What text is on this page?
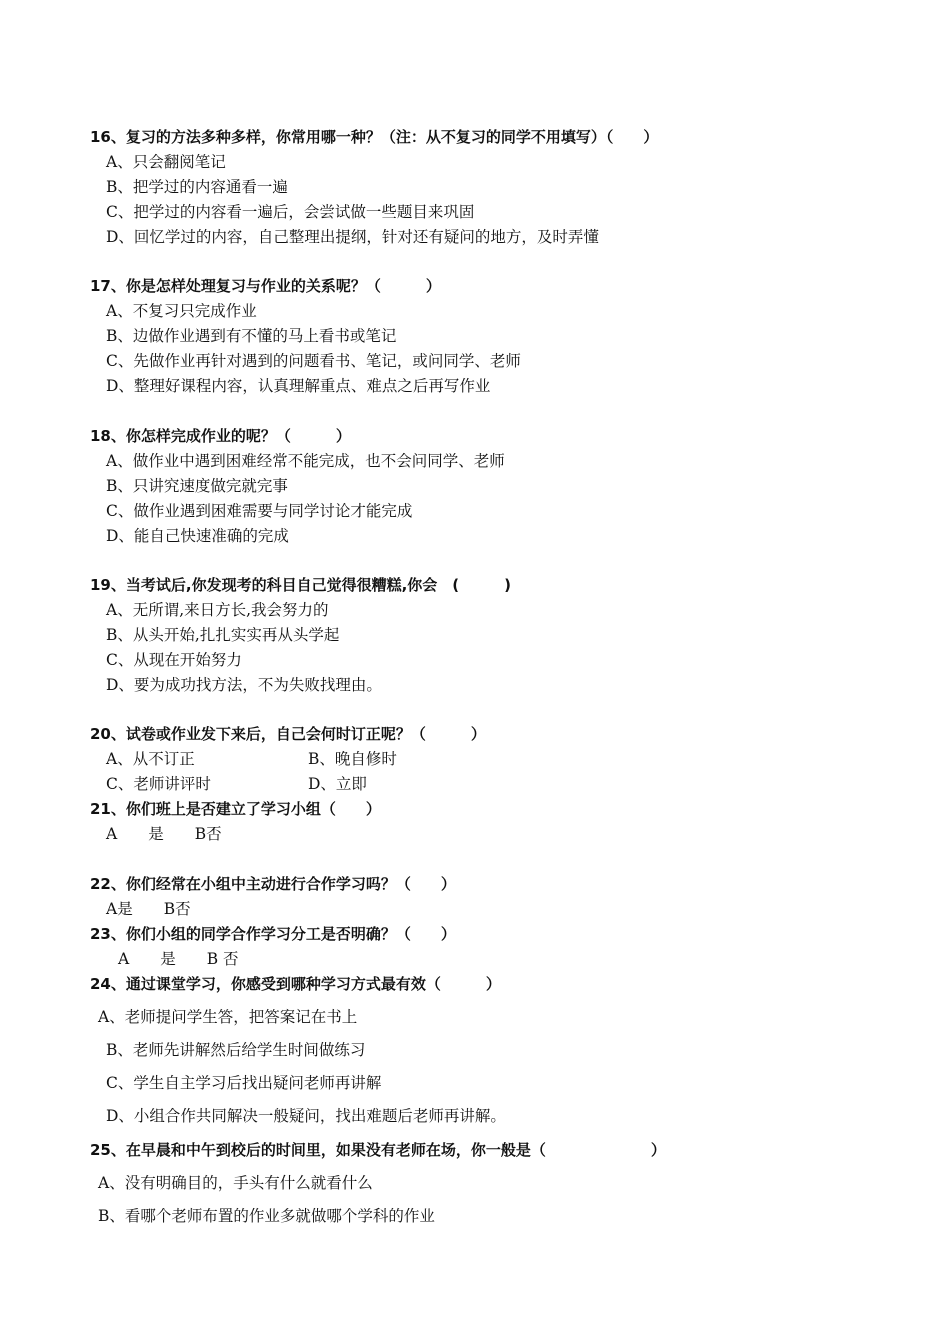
16、复习的方法多种多样，你常用哪一种？（注：从不复习的同学不用填写）（　　）
A、只会翻阅笔记
B、把学过的内容通看一遍
C、把学过的内容看一遍后，会尝试做一些题目来巩固
D、回忆学过的内容，自己整理出提纲，针对还有疑问的地方，及时弄懂
17、你是怎样处理复习与作业的关系呢？（　　　）
A、不复习只完成作业
B、边做作业遇到有不懂的马上看书或笔记
C、先做作业再针对遇到的问题看书、笔记，或问同学、老师
D、整理好课程内容，认真理解重点、难点之后再写作业
18、你怎样完成作业的呢？（　　　）
A、做作业中遇到困难经常不能完成，也不会问同学、老师
B、只讲究速度做完就完事
C、做作业遇到困难需要与同学讨论才能完成
D、能自己快速准确的完成
19、当考试后,你发现考的科目自己觉得很糟糕,你会　(　　　)
A、无所谓,来日方长,我会努力的
B、从头开始,扎扎实实再从头学起
C、从现在开始努力
D、要为成功找方法，不为失败找理由。
20、试卷或作业发下来后，自己会何时订正呢？（　　　）
A、从不订正	B、晚自修时
C、老师讲评时	D、立即
21、你们班上是否建立了学习小组（　　）
A　　是　　B否
22、你们经常在小组中主动进行合作学习吗？（　　）
A是　　B否
23、你们小组的同学合作学习分工是否明确？（　　）
A　　是　　B 否
24、通过课堂学习，你感受到哪种学习方式最有效（　　　）
A、老师提问学生答，把答案记在书上
B、老师先讲解然后给学生时间做练习
C、学生自主学习后找出疑问老师再讲解
D、小组合作共同解决一般疑问，找出难题后老师再讲解。
25、在早晨和中午到校后的时间里，如果没有老师在场，你一般是（　　　　　　　）
A、没有明确目的，手头有什么就看什么
B、看哪个老师布置的作业多就做哪个学科的作业
